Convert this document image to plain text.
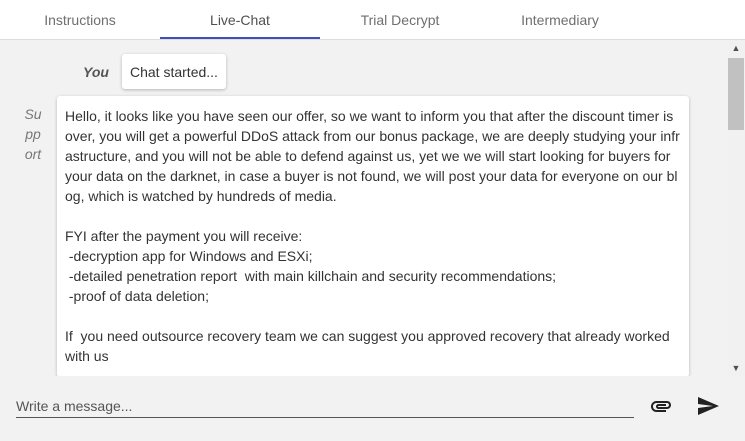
Instructions	Live-Chat	Trial Decrypt	Intermediary
You	Chat started...
Support
Hello, it looks like you have seen our offer, so we want to inform you that after the discount timer is over, you will get a powerful DDoS attack from our bonus package, we are deeply studying your infrastructure, and you will not be able to defend against us, yet we we will start looking for buyers for your data on the darknet, in case a buyer is not found, we will post your data for everyone on our blog, which is watched by hundreds of media.

FYI after the payment you will receive:
-decryption app for Windows and ESXi;
-detailed penetration report  with main killchain and security recommendations;
-proof of data deletion;

If  you need outsource recovery team we can suggest you approved recovery that already worked with us
▲
▼
Write a message...
